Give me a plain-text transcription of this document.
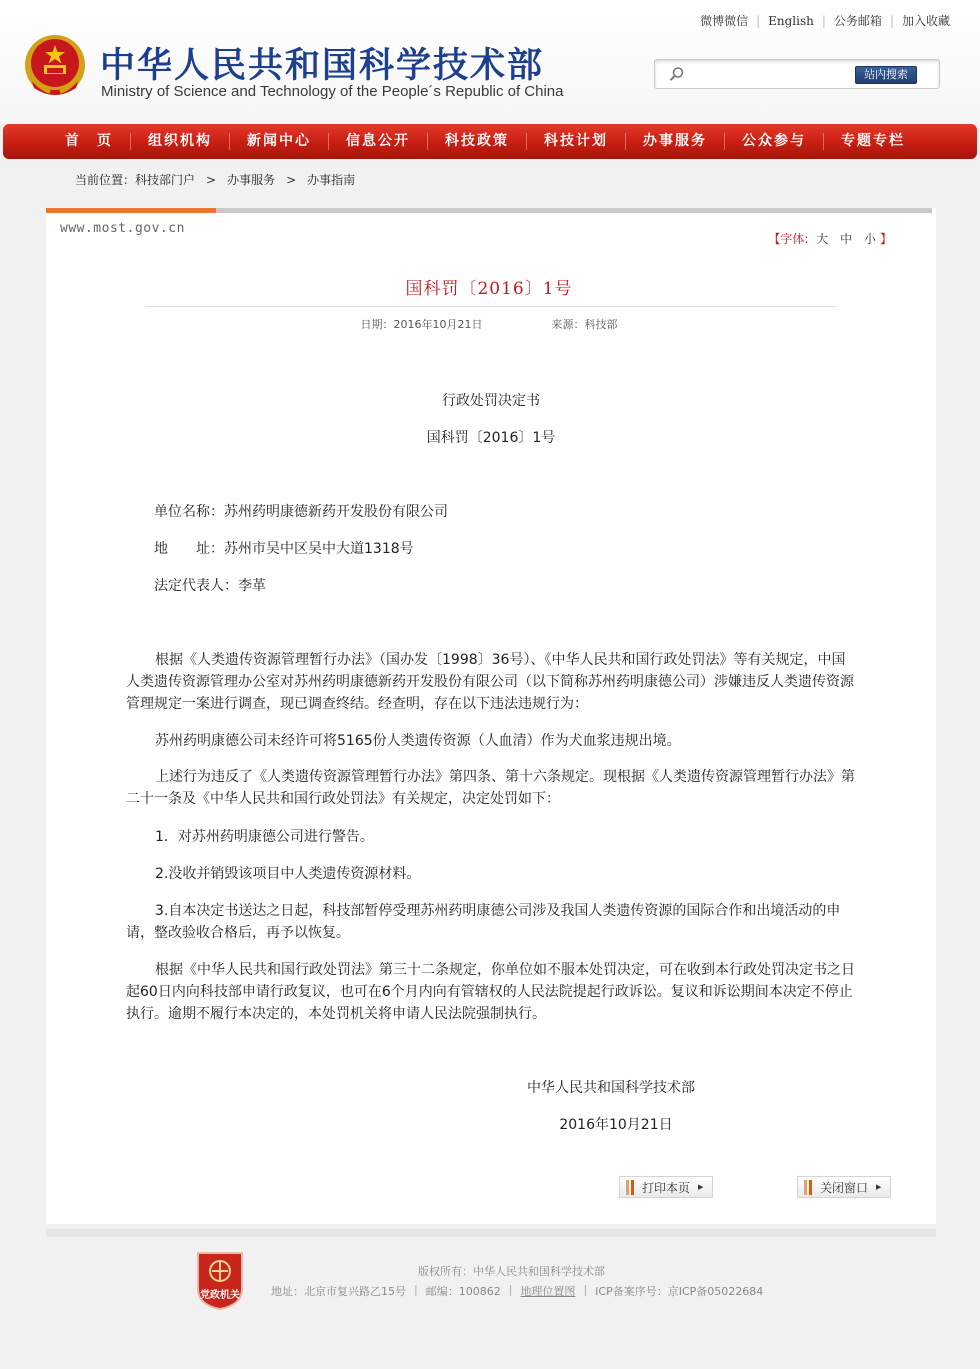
中华人民共和国科学技术部
Ministry of Science and Technology of the People´s Republic of China
微博微信 | English | 公务邮箱 | 加入收藏
站内搜索
首　页	组织机构	新闻中心	信息公开	科技政策	科技计划	办事服务	公众参与	专题专栏
当前位置： 科技部门户 > 办事服务 > 办事指南
www.most.gov.cn
【字体: 大 中 小 】
国科罚〔2016〕1号
日期：2016年10月21日	来源：科技部
行政处罚决定书
国科罚〔2016〕1号
单位名称：苏州药明康德新药开发股份有限公司
地　　址：苏州市吴中区吴中大道1318号
法定代表人：李革

根据《人类遗传资源管理暂行办法》（国办发〔1998〕36号）、《中华人民共和国行政处罚法》等有关规定，中国人类遗传资源管理办公室对苏州药明康德新药开发股份有限公司（以下简称苏州药明康德公司）涉嫌违反人类遗传资源管理规定一案进行调查，现已调查终结。经查明，存在以下违法违规行为：

苏州药明康德公司未经许可将5165份人类遗传资源（人血清）作为犬血浆违规出境。

上述行为违反了《人类遗传资源管理暂行办法》第四条、第十六条规定。现根据《人类遗传资源管理暂行办法》第二十一条及《中华人民共和国行政处罚法》有关规定，决定处罚如下：

1．对苏州药明康德公司进行警告。

2.没收并销毁该项目中人类遗传资源材料。

3.自本决定书送达之日起，科技部暂停受理苏州药明康德公司涉及我国人类遗传资源的国际合作和出境活动的申请，整改验收合格后，再予以恢复。

根据《中华人民共和国行政处罚法》第三十二条规定，你单位如不服本处罚决定，可在收到本行政处罚决定书之日起60日内向科技部申请行政复议，也可在6个月内向有管辖权的人民法院提起行政诉讼。复议和诉讼期间本决定不停止执行。逾期不履行本决定的，本处罚机关将申请人民法院强制执行。

中华人民共和国科学技术部
2016年10月21日
打印本页 ▶	关闭窗口 ▶
党政机关
版权所有：中华人民共和国科学技术部
地址：北京市复兴路乙15号 | 邮编：100862 | 地理位置图 | ICP备案序号：京ICP备05022684
